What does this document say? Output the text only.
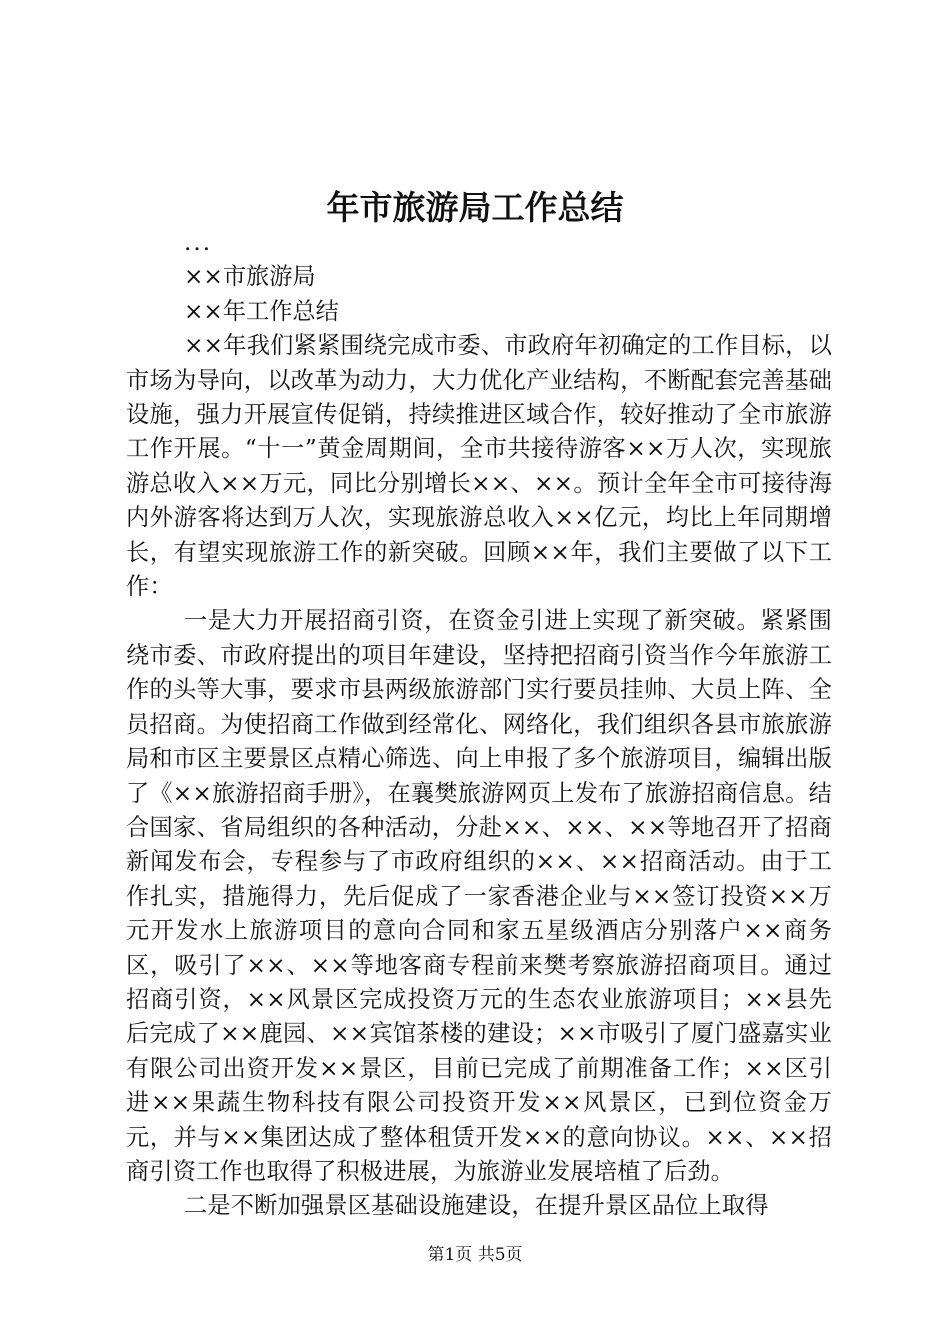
年市旅游局工作总结

...

××市旅游局

××年工作总结

××年我们紧紧围绕完成市委、市政府年初确定的工作目标，以市场为导向，以改革为动力，大力优化产业结构，不断配套完善基础设施，强力开展宣传促销，持续推进区域合作，较好推动了全市旅游工作开展。“十一”黄金周期间，全市共接待游客××万人次，实现旅游总收入××万元，同比分别增长××、××。预计全年全市可接待海内外游客将达到万人次，实现旅游总收入××亿元，均比上年同期增长，有望实现旅游工作的新突破。回顾××年，我们主要做了以下工作：

一是大力开展招商引资，在资金引进上实现了新突破。紧紧围绕市委、市政府提出的项目年建设，坚持把招商引资当作今年旅游工作的头等大事，要求市县两级旅游部门实行要员挂帅、大员上阵、全员招商。为使招商工作做到经常化、网络化，我们组织各县市旅旅游局和市区主要景区点精心筛选、向上申报了多个旅游项目，编辑出版了《××旅游招商手册》，在襄樊旅游网页上发布了旅游招商信息。结合国家、省局组织的各种活动，分赴××、××、××等地召开了招商新闻发布会，专程参与了市政府组织的××、××招商活动。由于工作扎实，措施得力，先后促成了一家香港企业与××签订投资××万元开发水上旅游项目的意向合同和家五星级酒店分别落户××商务区，吸引了××、××等地客商专程前来樊考察旅游招商项目。通过招商引资，××风景区完成投资万元的生态农业旅游项目；××县先后完成了××鹿园、××宾馆茶楼的建设；××市吸引了厦门盛嘉实业有限公司出资开发××景区，目前已完成了前期准备工作；××区引进××果蔬生物科技有限公司投资开发××风景区，已到位资金万元，并与××集团达成了整体租赁开发××的意向协议。××、××招商引资工作也取得了积极进展，为旅游业发展培植了后劲。

二是不断加强景区基础设施建设，在提升景区品位上取得

第1页 共5页
